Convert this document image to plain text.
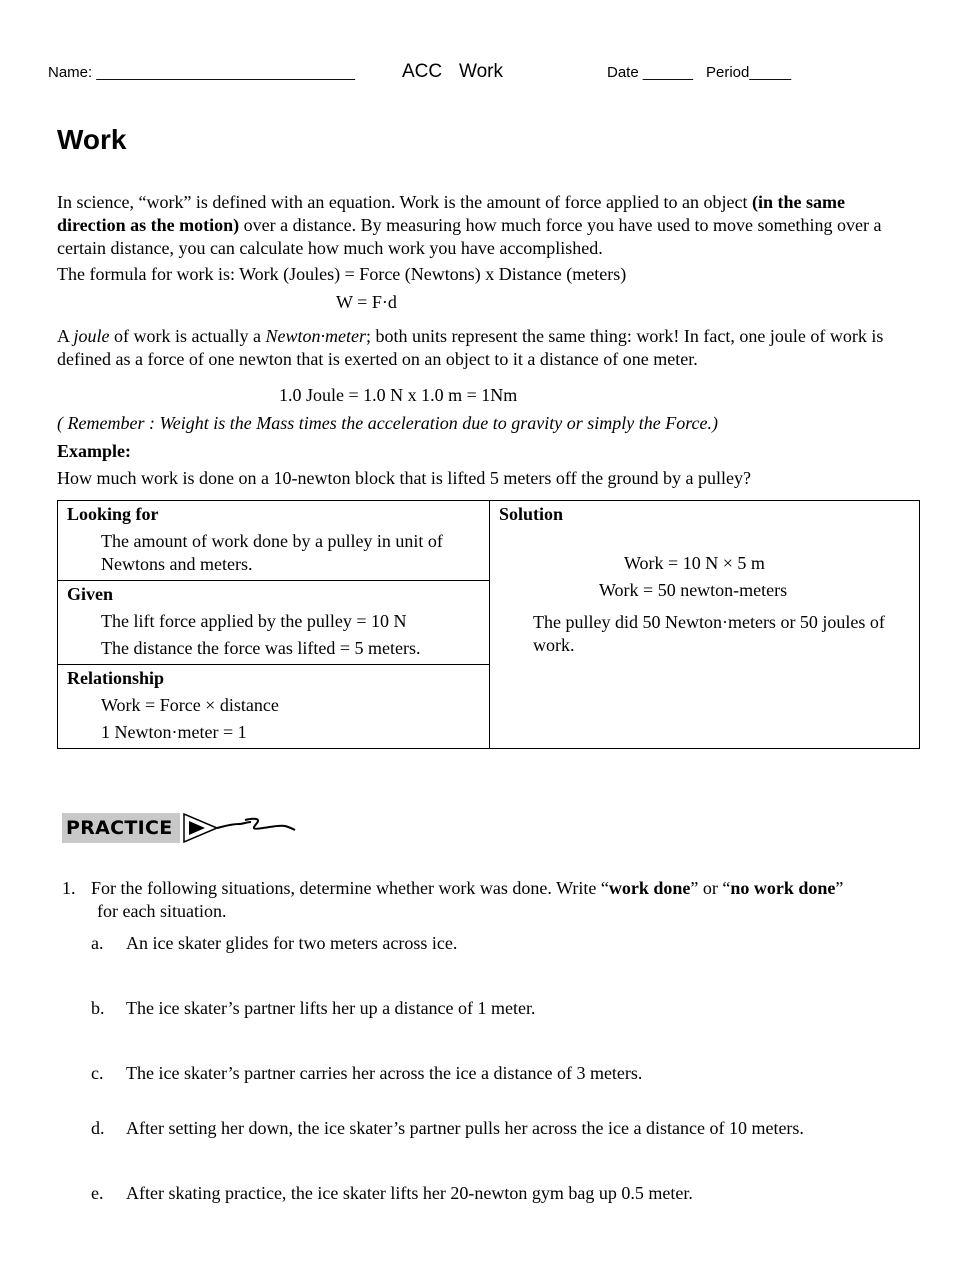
Name: _______________________________ ACC Work	Date ______ Period_____
Work
In science, “work” is defined with an equation. Work is the amount of force applied to an object (in the same direction as the motion) over a distance. By measuring how much force you have used to move something over a certain distance, you can calculate how much work you have accomplished.
The formula for work is: Work (Joules) = Force (Newtons) x Distance (meters)
W = F·d
A joule of work is actually a Newton·meter; both units represent the same thing: work! In fact, one joule of work is defined as a force of one newton that is exerted on an object to it a distance of one meter.
1.0 Joule = 1.0 N x 1.0 m = 1Nm
( Remember : Weight is the Mass times the acceleration due to gravity or simply the Force.)
Example:
How much work is done on a 10-newton block that is lifted 5 meters off the ground by a pulley?
Looking for
The amount of work done by a pulley in unit of Newtons and meters.

Solution
Work = 10 N × 5 m
Work = 50 newton-meters
The pulley did 50 Newton·meters or 50 joules of work.

Given
The lift force applied by the pulley = 10 N
The distance the force was lifted = 5 meters.

Relationship
Work = Force × distance
1 Newton·meter = 1
PRACTICE
1. For the following situations, determine whether work was done. Write “work done” or “no work done”
for each situation.
a. An ice skater glides for two meters across ice.
b. The ice skater’s partner lifts her up a distance of 1 meter.
c. The ice skater’s partner carries her across the ice a distance of 3 meters.
d. After setting her down, the ice skater’s partner pulls her across the ice a distance of 10 meters.
e. After skating practice, the ice skater lifts her 20-newton gym bag up 0.5 meter.
